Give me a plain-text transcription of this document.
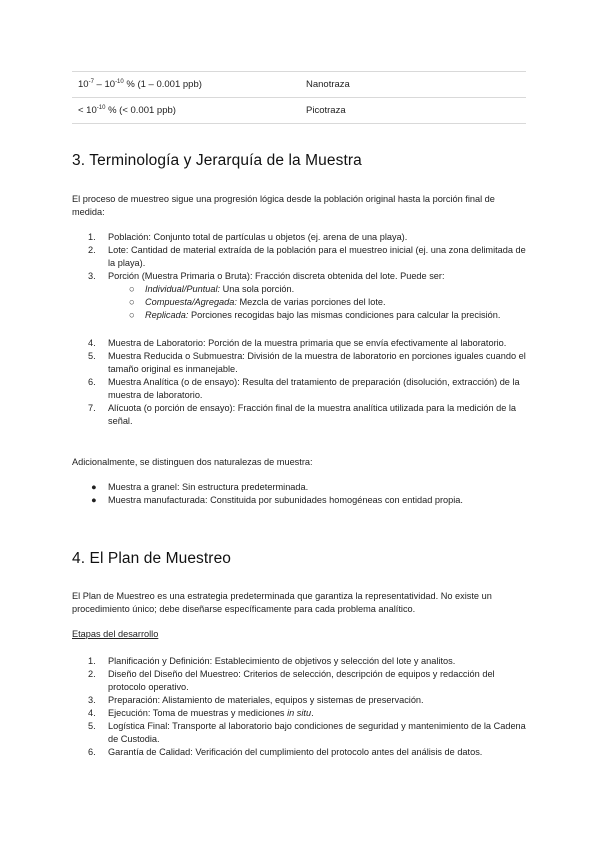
$10^{-7} - 10^{-10}$ % (1 – 0.001 ppb)	Nanotraza
< $10^{-10}$ % (< 0.001 ppb)	Picotraza
3. Terminología y Jerarquía de la Muestra

El proceso de muestreo sigue una progresión lógica desde la población original hasta la porción final de medida:

1. Población: Conjunto total de partículas u objetos (ej. arena de una playa).
2. Lote: Cantidad de material extraída de la población para el muestreo inicial (ej. una zona delimitada de la playa).
3. Porción (Muestra Primaria o Bruta): Fracción discreta obtenida del lote. Puede ser:
○ Individual/Puntual: Una sola porción.
○ Compuesta/Agregada: Mezcla de varias porciones del lote.
○ Replicada: Porciones recogidas bajo las mismas condiciones para calcular la precisión.
4. Muestra de Laboratorio: Porción de la muestra primaria que se envía efectivamente al laboratorio.
5. Muestra Reducida o Submuestra: División de la muestra de laboratorio en porciones iguales cuando el tamaño original es inmanejable.
6. Muestra Analítica (o de ensayo): Resulta del tratamiento de preparación (disolución, extracción) de la muestra de laboratorio.
7. Alícuota (o porción de ensayo): Fracción final de la muestra analítica utilizada para la medición de la señal.

Adicionalmente, se distinguen dos naturalezas de muestra:

● Muestra a granel: Sin estructura predeterminada.
● Muestra manufacturada: Constituida por subunidades homogéneas con entidad propia.
4. El Plan de Muestreo

El Plan de Muestreo es una estrategia predeterminada que garantiza la representatividad. No existe un procedimiento único; debe diseñarse específicamente para cada problema analítico.

Etapas del desarrollo
1. Planificación y Definición: Establecimiento de objetivos y selección del lote y analitos.
2. Diseño del Diseño del Muestreo: Criterios de selección, descripción de equipos y redacción del protocolo operativo.
3. Preparación: Alistamiento de materiales, equipos y sistemas de preservación.
4. Ejecución: Toma de muestras y mediciones in situ.
5. Logística Final: Transporte al laboratorio bajo condiciones de seguridad y mantenimiento de la Cadena de Custodia.
6. Garantía de Calidad: Verificación del cumplimiento del protocolo antes del análisis de datos.
